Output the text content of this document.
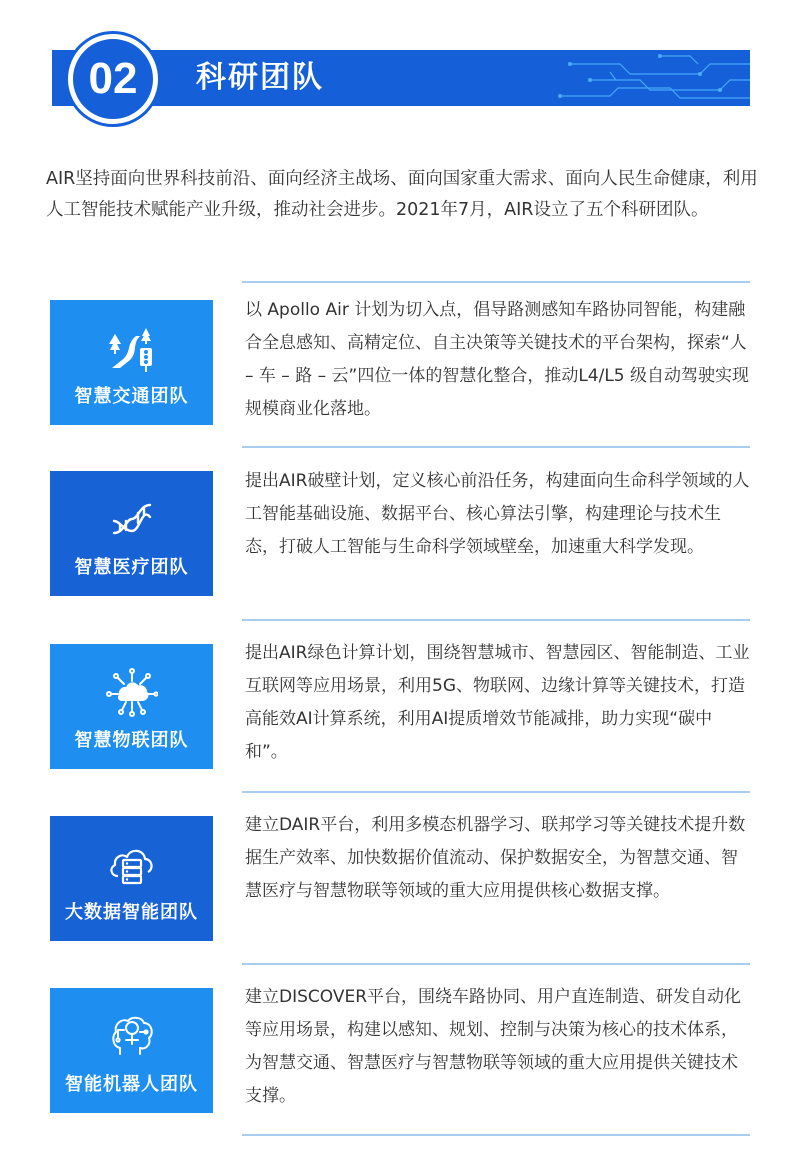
02	科研团队

AIR坚持面向世界科技前沿、面向经济主战场、面向国家重大需求、面向人民生命健康，利用人工智能技术赋能产业升级，推动社会进步。2021年7月，AIR设立了五个科研团队。

智慧交通团队

以 Apollo Air 计划为切入点，倡导路测感知车路协同智能，构建融合全息感知、高精定位、自主决策等关键技术的平台架构，探索“人 – 车 – 路 – 云”四位一体的智慧化整合，推动L4/L5 级自动驾驶实现规模商业化落地。

智慧医疗团队

提出AIR破壁计划，定义核心前沿任务，构建面向生命科学领域的人工智能基础设施、数据平台、核心算法引擎，构建理论与技术生态，打破人工智能与生命科学领域壁垒，加速重大科学发现。

智慧物联团队

提出AIR绿色计算计划，围绕智慧城市、智慧园区、智能制造、工业互联网等应用场景，利用5G、物联网、边缘计算等关键技术，打造高能效AI计算系统，利用AI提质增效节能减排，助力实现“碳中和”。

大数据智能团队

建立DAIR平台，利用多模态机器学习、联邦学习等关键技术提升数据生产效率、加快数据价值流动、保护数据安全，为智慧交通、智慧医疗与智慧物联等领域的重大应用提供核心数据支撑。

智能机器人团队

建立DISCOVER平台，围绕车路协同、用户直连制造、研发自动化等应用场景，构建以感知、规划、控制与决策为核心的技术体系，为智慧交通、智慧医疗与智慧物联等领域的重大应用提供关键技术支撑。
